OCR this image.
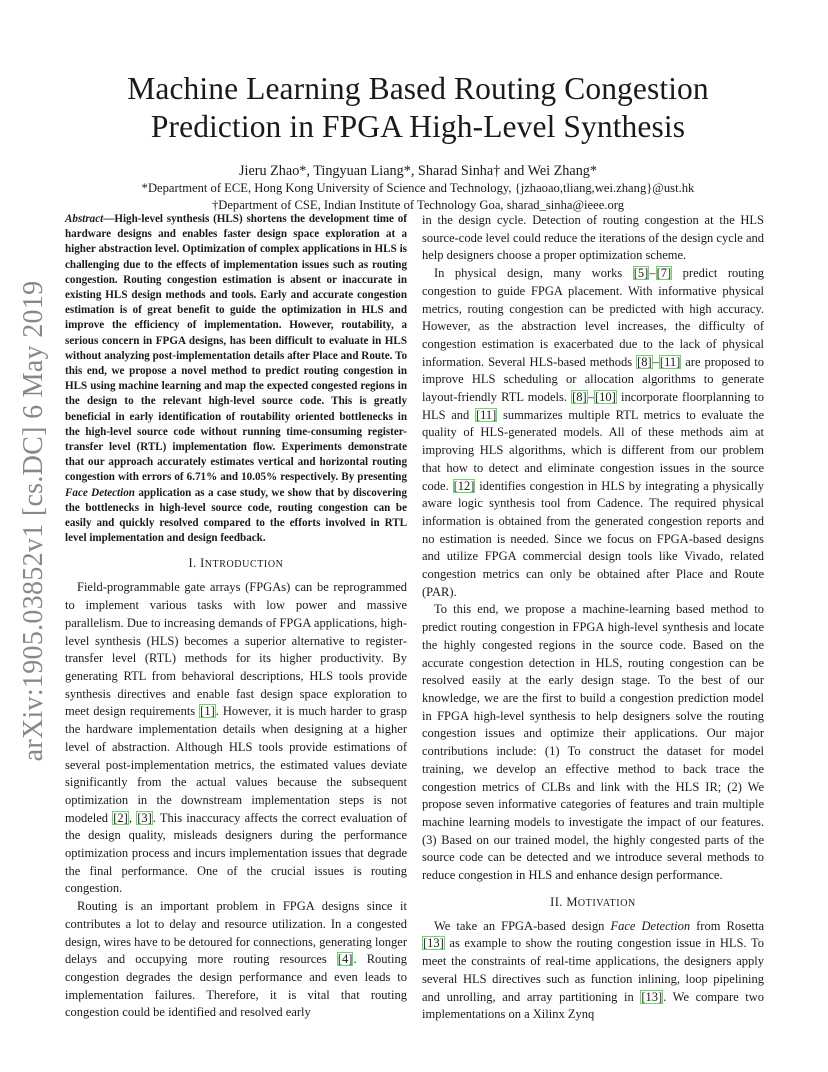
arXiv:1905.03852v1 [cs.DC] 6 May 2019
Machine Learning Based Routing Congestion
Prediction in FPGA High-Level Synthesis
Jieru Zhao*, Tingyuan Liang*, Sharad Sinha† and Wei Zhang*
*Department of ECE, Hong Kong University of Science and Technology, {jzhaoao,tliang,wei.zhang}@ust.hk
†Department of CSE, Indian Institute of Technology Goa, sharad_sinha@ieee.org

Abstract—High-level synthesis (HLS) shortens the development time of hardware designs and enables faster design space exploration at a higher abstraction level. Optimization of complex applications in HLS is challenging due to the effects of implementation issues such as routing congestion. Routing congestion estimation is absent or inaccurate in existing HLS design methods and tools. Early and accurate congestion estimation is of great benefit to guide the optimization in HLS and improve the efficiency of implementation. However, routability, a serious concern in FPGA designs, has been difficult to evaluate in HLS without analyzing post-implementation details after Place and Route. To this end, we propose a novel method to predict routing congestion in HLS using machine learning and map the expected congested regions in the design to the relevant high-level source code. This is greatly beneficial in early identification of routability oriented bottlenecks in the high-level source code without running time-consuming register-transfer level (RTL) implementation flow. Experiments demonstrate that our approach accurately estimates vertical and horizontal routing congestion with errors of 6.71% and 10.05% respectively. By presenting Face Detection application as a case study, we show that by discovering the bottlenecks in high-level source code, routing congestion can be easily and quickly resolved compared to the efforts involved in RTL level implementation and design feedback.

I. INTRODUCTION

Field-programmable gate arrays (FPGAs) can be reprogrammed to implement various tasks with low power and massive parallelism. Due to increasing demands of FPGA applications, high-level synthesis (HLS) becomes a superior alternative to register-transfer level (RTL) methods for its higher productivity. By generating RTL from behavioral descriptions, HLS tools provide synthesis directives and enable fast design space exploration to meet design requirements [1]. However, it is much harder to grasp the hardware implementation details when designing at a higher level of abstraction. Although HLS tools provide estimations of several post-implementation metrics, the estimated values deviate significantly from the actual values because the subsequent optimization in the downstream implementation steps is not modeled [2], [3]. This inaccuracy affects the correct evaluation of the design quality, misleads designers during the performance optimization process and incurs implementation issues that degrade the final performance. One of the crucial issues is routing congestion.

Routing is an important problem in FPGA designs since it contributes a lot to delay and resource utilization. In a congested design, wires have to be detoured for connections, generating longer delays and occupying more routing resources [4]. Routing congestion degrades the design performance and even leads to implementation failures. Therefore, it is vital that routing congestion could be identified and resolved early

in the design cycle. Detection of routing congestion at the HLS source-code level could reduce the iterations of the design cycle and help designers choose a proper optimization scheme.

In physical design, many works [5]–[7] predict routing congestion to guide FPGA placement. With informative physical metrics, routing congestion can be predicted with high accuracy. However, as the abstraction level increases, the difficulty of congestion estimation is exacerbated due to the lack of physical information. Several HLS-based methods [8]–[11] are proposed to improve HLS scheduling or allocation algorithms to generate layout-friendly RTL models. [8]–[10] incorporate floorplanning to HLS and [11] summarizes multiple RTL metrics to evaluate the quality of HLS-generated models. All of these methods aim at improving HLS algorithms, which is different from our problem that how to detect and eliminate congestion issues in the source code. [12] identifies congestion in HLS by integrating a physically aware logic synthesis tool from Cadence. The required physical information is obtained from the generated congestion reports and no estimation is needed. Since we focus on FPGA-based designs and utilize FPGA commercial design tools like Vivado, related congestion metrics can only be obtained after Place and Route (PAR).

To this end, we propose a machine-learning based method to predict routing congestion in FPGA high-level synthesis and locate the highly congested regions in the source code. Based on the accurate congestion detection in HLS, routing congestion can be resolved easily at the early design stage. To the best of our knowledge, we are the first to build a congestion prediction model in FPGA high-level synthesis to help designers solve the routing congestion issues and optimize their applications. Our major contributions include: (1) To construct the dataset for model training, we develop an effective method to back trace the congestion metrics of CLBs and link with the HLS IR; (2) We propose seven informative categories of features and train multiple machine learning models to investigate the impact of our features. (3) Based on our trained model, the highly congested parts of the source code can be detected and we introduce several methods to reduce congestion in HLS and enhance design performance.

II. MOTIVATION

We take an FPGA-based design Face Detection from Rosetta [13] as example to show the routing congestion issue in HLS. To meet the constraints of real-time applications, the designers apply several HLS directives such as function inlining, loop pipelining and unrolling, and array partitioning in [13]. We compare two implementations on a Xilinx Zynq
